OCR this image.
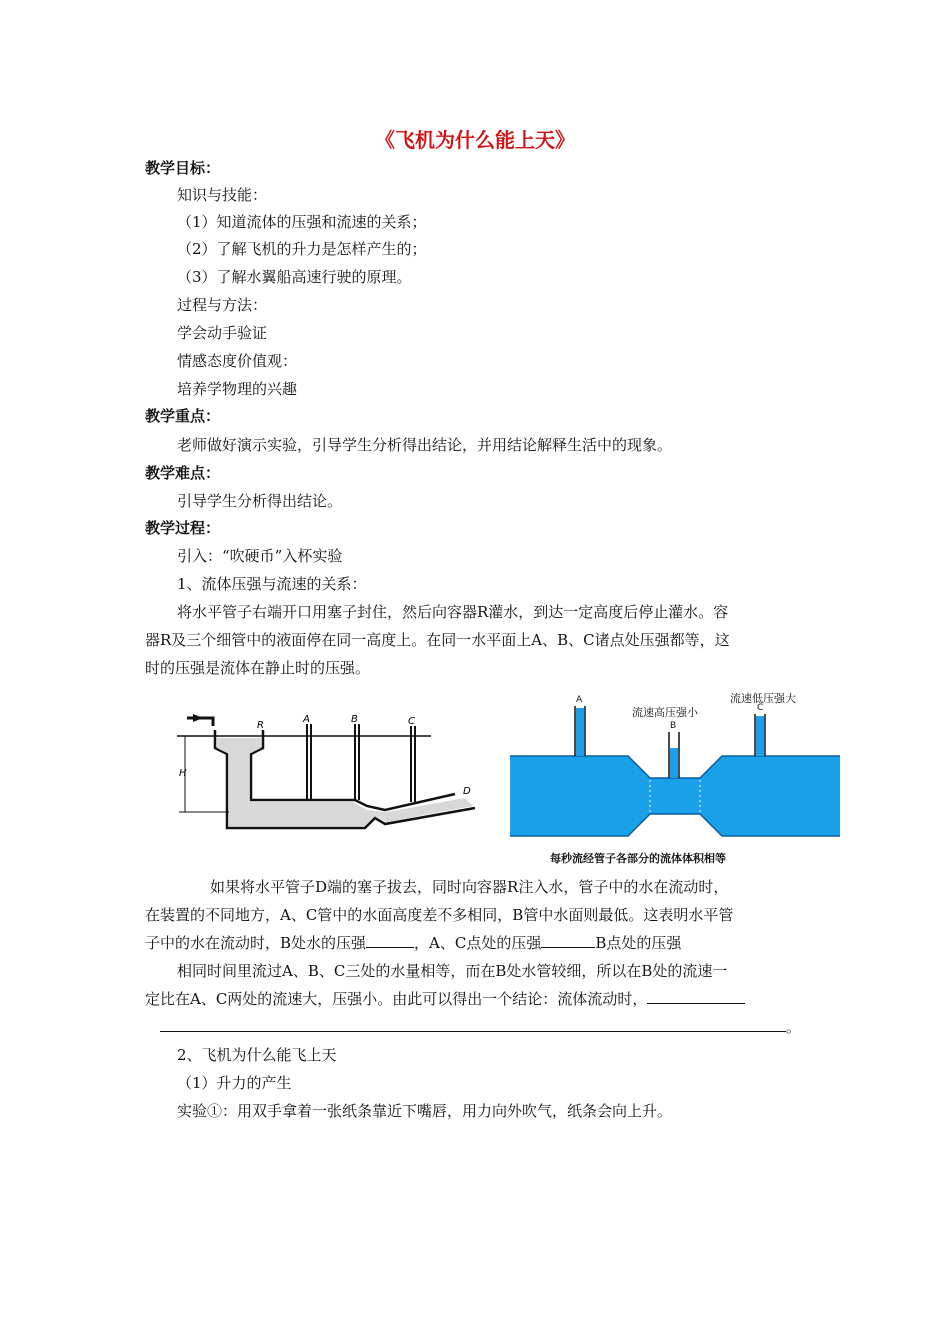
《飞机为什么能上天》
教学目标：
知识与技能：
（1）知道流体的压强和流速的关系；
（2）了解飞机的升力是怎样产生的；
（3）了解水翼船高速行驶的原理。
过程与方法：
学会动手验证
情感态度价值观：
培养学物理的兴趣
教学重点：
老师做好演示实验，引导学生分析得出结论，并用结论解释生活中的现象。
教学难点：
引导学生分析得出结论。
教学过程：
引入：“吹硬币”入杯实验
1、流体压强与流速的关系：
将水平管子右端开口用塞子封住，然后向容器R灌水，到达一定高度后停止灌水。容
器R及三个细管中的液面停在同一高度上。在同一水平面上A、B、C诸点处压强都等，这
时的压强是流体在静止时的压强。
R
A	B	C
D
H
A
B
C
流速高压强小
流速低压强大
每秒流经管子各部分的流体体积相等
如果将水平管子D端的塞子拔去，同时向容器R注入水，管子中的水在流动时，
在装置的不同地方，A、C管中的水面高度差不多相同，B管中水面则最低。这表明水平管
子中的水在流动时，B处水的压强	，A、C点处的压强	B点处的压强
相同时间里流过A、B、C三处的水量相等，而在B处水管较细，所以在B处的流速一
定比在A、C两处的流速大，压强小。由此可以得出一个结论：流体流动时，
。
2、飞机为什么能飞上天
（1）升力的产生
实验①：用双手拿着一张纸条靠近下嘴唇，用力向外吹气，纸条会向上升。
